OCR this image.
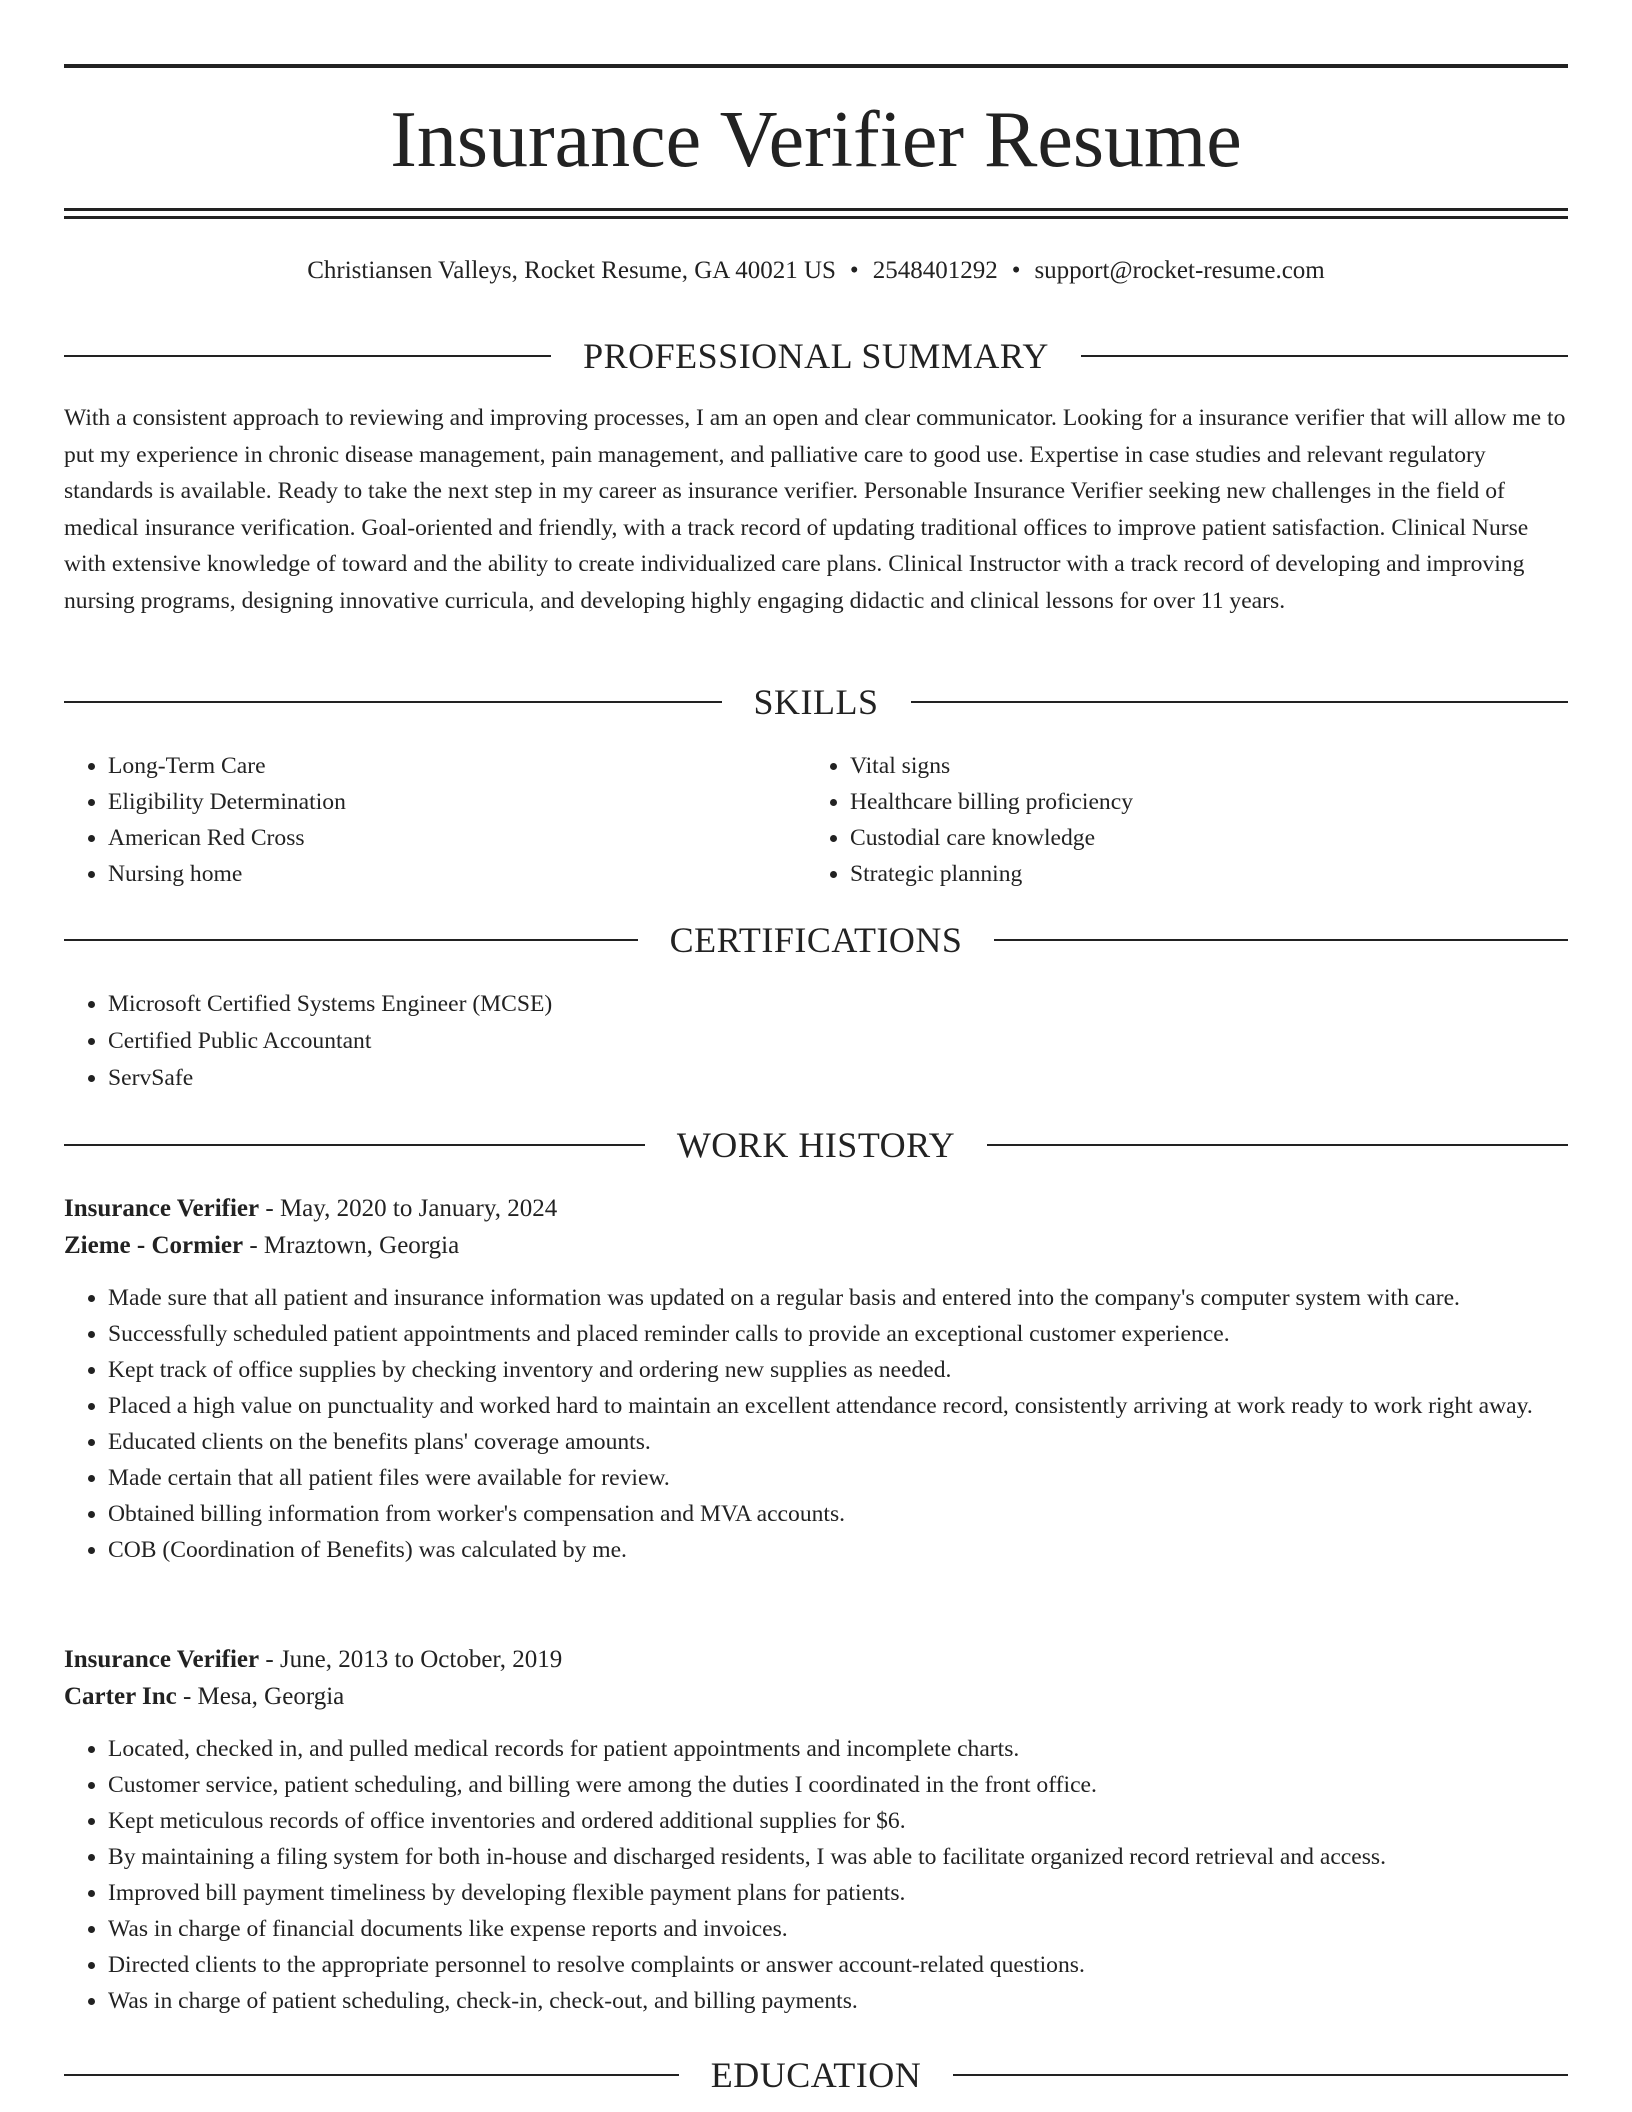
Insurance Verifier Resume
Christiansen Valleys, Rocket Resume, GA 40021 US • 2548401292 • support@rocket-resume.com
PROFESSIONAL SUMMARY

With a consistent approach to reviewing and improving processes, I am an open and clear communicator. Looking for a insurance verifier that will allow me to put my experience in chronic disease management, pain management, and palliative care to good use. Expertise in case studies and relevant regulatory standards is available. Ready to take the next step in my career as insurance verifier. Personable Insurance Verifier seeking new challenges in the field of medical insurance verification. Goal-oriented and friendly, with a track record of updating traditional offices to improve patient satisfaction. Clinical Nurse with extensive knowledge of toward and the ability to create individualized care plans. Clinical Instructor with a track record of developing and improving nursing programs, designing innovative curricula, and developing highly engaging didactic and clinical lessons for over 11 years.

SKILLS
• Long-Term Care
• Eligibility Determination
• American Red Cross
• Nursing home
• Vital signs
• Healthcare billing proficiency
• Custodial care knowledge
• Strategic planning
CERTIFICATIONS
• Microsoft Certified Systems Engineer (MCSE)
• Certified Public Accountant
• ServSafe
WORK HISTORY
Insurance Verifier - May, 2020 to January, 2024
Zieme - Cormier - Mraztown, Georgia
• Made sure that all patient and insurance information was updated on a regular basis and entered into the company's computer system with care.
• Successfully scheduled patient appointments and placed reminder calls to provide an exceptional customer experience.
• Kept track of office supplies by checking inventory and ordering new supplies as needed.
• Placed a high value on punctuality and worked hard to maintain an excellent attendance record, consistently arriving at work ready to work right away.
• Educated clients on the benefits plans' coverage amounts.
• Made certain that all patient files were available for review.
• Obtained billing information from worker's compensation and MVA accounts.
• COB (Coordination of Benefits) was calculated by me.
Insurance Verifier - June, 2013 to October, 2019
Carter Inc - Mesa, Georgia
• Located, checked in, and pulled medical records for patient appointments and incomplete charts.
• Customer service, patient scheduling, and billing were among the duties I coordinated in the front office.
• Kept meticulous records of office inventories and ordered additional supplies for $6.
• By maintaining a filing system for both in-house and discharged residents, I was able to facilitate organized record retrieval and access.
• Improved bill payment timeliness by developing flexible payment plans for patients.
• Was in charge of financial documents like expense reports and invoices.
• Directed clients to the appropriate personnel to resolve complaints or answer account-related questions.
• Was in charge of patient scheduling, check-in, check-out, and billing payments.
EDUCATION
